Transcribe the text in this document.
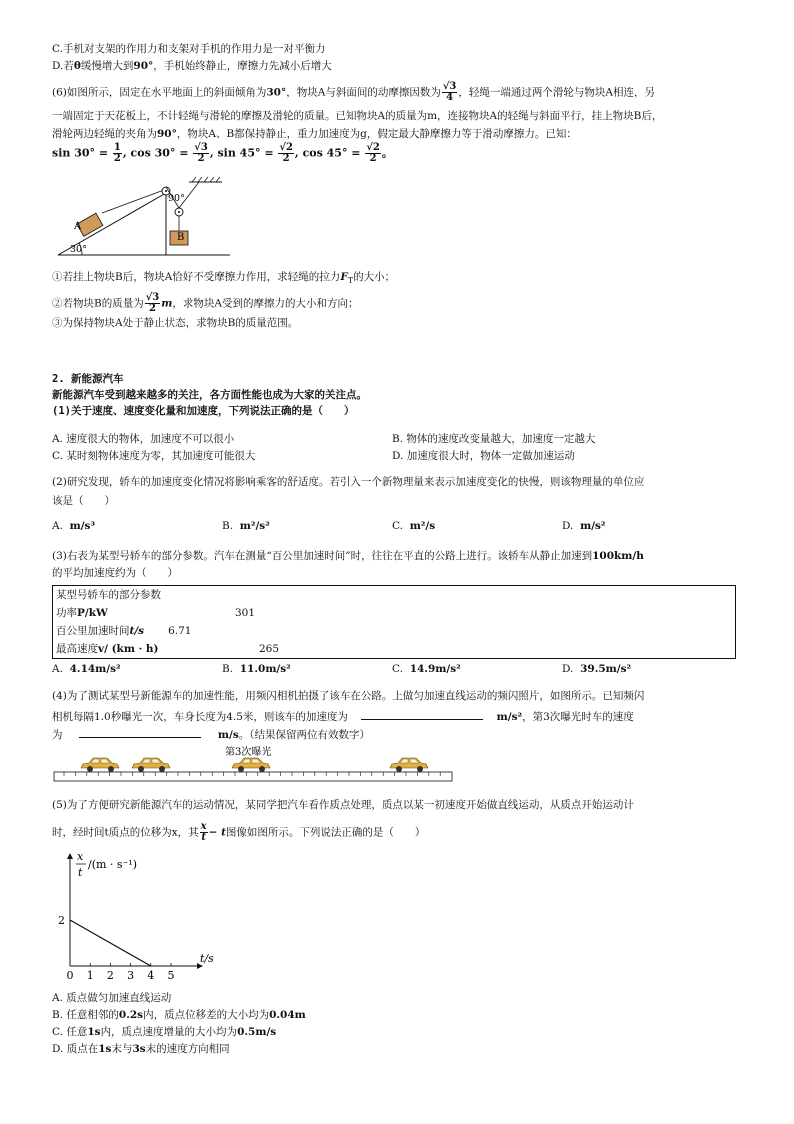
C.手机对支架的作用力和支架对手机的作用力是一对平衡力
D.若θ缓慢增大到90°，手机始终静止，摩擦力先减小后增大
(6)如图所示，固定在水平地面上的斜面倾角为30°，物块A与斜面间的动摩擦因数为 $\frac{√3}{4}$ ，轻绳一端通过两个滑轮与物块A相连，另
一端固定于天花板上，不计轻绳与滑轮的摩擦及滑轮的质量。已知物块A的质量为m，连接物块A的轻绳与斜面平行，挂上物块B后，
滑轮两边轻绳的夹角为90°，物块A、B都保持静止，重力加速度为g，假定最大静摩擦力等于滑动摩擦力。已知：
$\sin 30^\circ = \frac{1}{2}$ , $\cos 30^\circ = \frac{√3}{2}$ , $\sin 45^\circ = \frac{√2}{2}$ , $\cos 45^\circ = \frac{√2}{2}$ 。
30°
A
90°
B
①若挂上物块B后，物块A恰好不受摩擦力作用，求轻绳的拉力$F_T$的大小；
②若物块B的质量为 $\frac{√3}{2}$ m，求物块A受到的摩擦力的大小和方向；
③为保持物块A处于静止状态，求物块B的质量范围。
2. 新能源汽车
新能源汽车受到越来越多的关注，各方面性能也成为大家的关注点。
(1)关于速度、速度变化量和加速度，下列说法正确的是（　　）
A. 速度很大的物体，加速度不可以很小	B. 物体的速度改变量越大，加速度一定越大
C. 某时刻物体速度为零，其加速度可能很大	D. 加速度很大时，物体一定做加速运动
(2)研究发现，轿车的加速度变化情况将影响乘客的舒适度。若引入一个新物理量来表示加速度变化的快慢，则该物理量的单位应
该是（　　）
A. m/s³	B. m²/s²	C. m²/s	D. m/s²
(3)右表为某型号轿车的部分参数。汽车在测量“百公里加速时间”时，往往在平直的公路上进行。该轿车从静止加速到100km/h
的平均加速度约为（　　）
某型号轿车的部分参数		
功率P/kW	301	
百公里加速时间t/s 6.71		
最高速度v/ (km · h)	265	
A. 4.14m/s²	B. 11.0m/s²	C. 14.9m/s²	D. 39.5m/s²
(4)为了测试某型号新能源车的加速性能，用频闪相机拍摄了该车在公路。上做匀加速直线运动的频闪照片，如图所示。已知频闪
相机每隔1.0秒曝光一次，车身长度为4.5米，则该车的加速度为	m/s²，第3次曝光时车的速度
为	m/s。（结果保留两位有效数字）
第3次曝光
(5)为了方便研究新能源汽车的运动情况，某同学把汽车看作质点处理，质点以某一初速度开始做直线运动，从质点开始运动计
时，经时间t质点的位移为x，其 $\frac{x}{t} - t$图像如图所示。下列说法正确的是（　　）
x
t
/(m · s⁻¹)
t/s
0 1 2 3 4 5
2
A. 质点做匀加速直线运动
B. 任意相邻的0.2s内，质点位移差的大小均为0.04m
C. 任意1s内，质点速度增量的大小均为0.5m/s
D. 质点在1s末与3s末的速度方向相同
